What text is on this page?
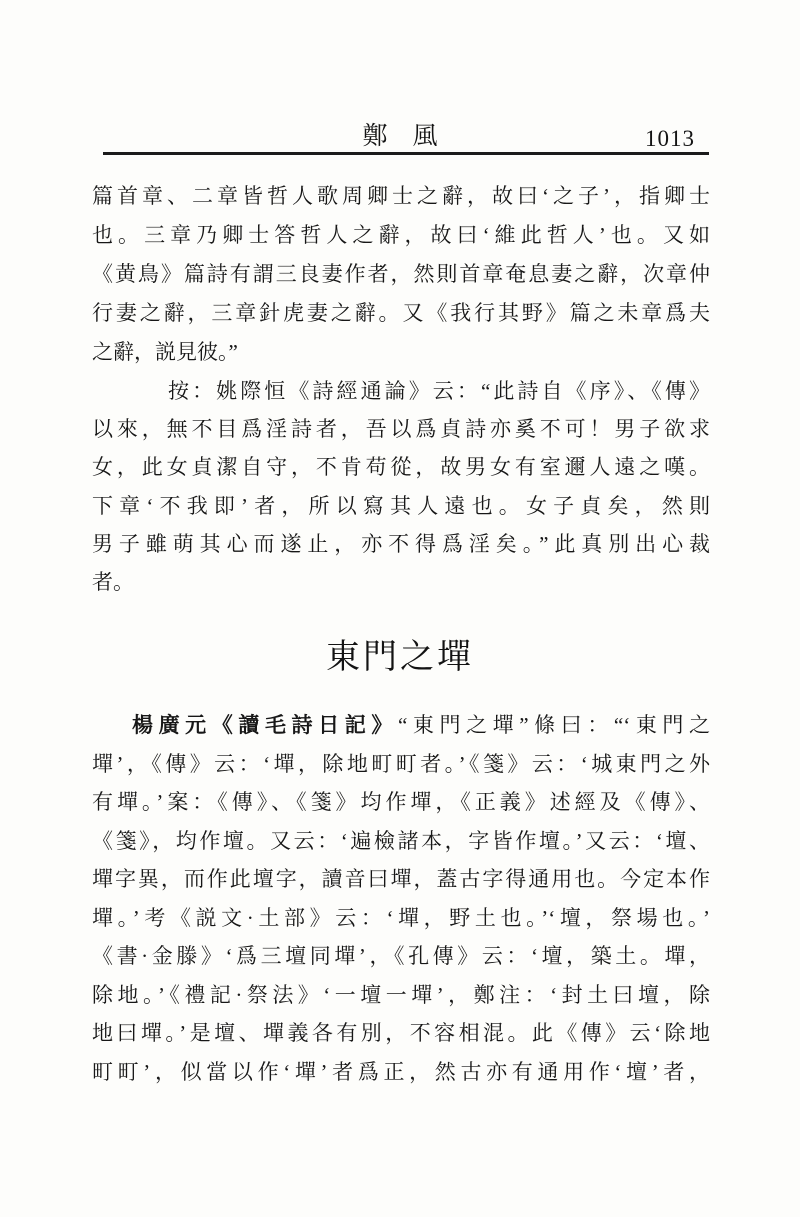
鄭　風	1013
篇首章、二章皆哲人歌周卿士之辭，故曰‘之子’，指卿士
也。三章乃卿士答哲人之辭，故曰‘維此哲人’也。又如
《黄鳥》篇詩有謂三良妻作者，然則首章奄息妻之辭，次章仲
行妻之辭，三章針虎妻之辭。又《我行其野》篇之未章爲夫
之辭，説見彼。”
按：姚際恒《詩經通論》云：“此詩自《序》、《傳》
以來，無不目爲淫詩者，吾以爲貞詩亦奚不可！男子欲求
女，此女貞潔自守，不肯苟從，故男女有室邇人遠之嘆。
下章‘不我即’者，所以寫其人遠也。女子貞矣，然則
男子雖萌其心而遂止，亦不得爲淫矣。”此真別出心裁
者。
東門之墠
楊廣元《讀毛詩日記》“東門之墠”條曰：“‘東門之
墠’，《傳》云：‘墠，除地町町者。’《箋》云：‘城東門之外
有墠。’案：《傳》、《箋》均作墠，《正義》述經及《傳》、
《箋》，均作壇。又云：‘遍檢諸本，字皆作壇。’又云：‘壇、
墠字異，而作此壇字，讀音曰墠，蓋古字得通用也。今定本作
墠。’考《説文·土部》云：‘墠，野土也。’‘壇，祭場也。’
《書·金滕》‘爲三壇同墠’，《孔傳》云：‘壇，築土。墠，
除地。’《禮記·祭法》‘一壇一墠’，鄭注：‘封土曰壇，除
地曰墠。’是壇、墠義各有別，不容相混。此《傳》云‘除地
町町’，似當以作‘墠’者爲正，然古亦有通用作‘壇’者，
